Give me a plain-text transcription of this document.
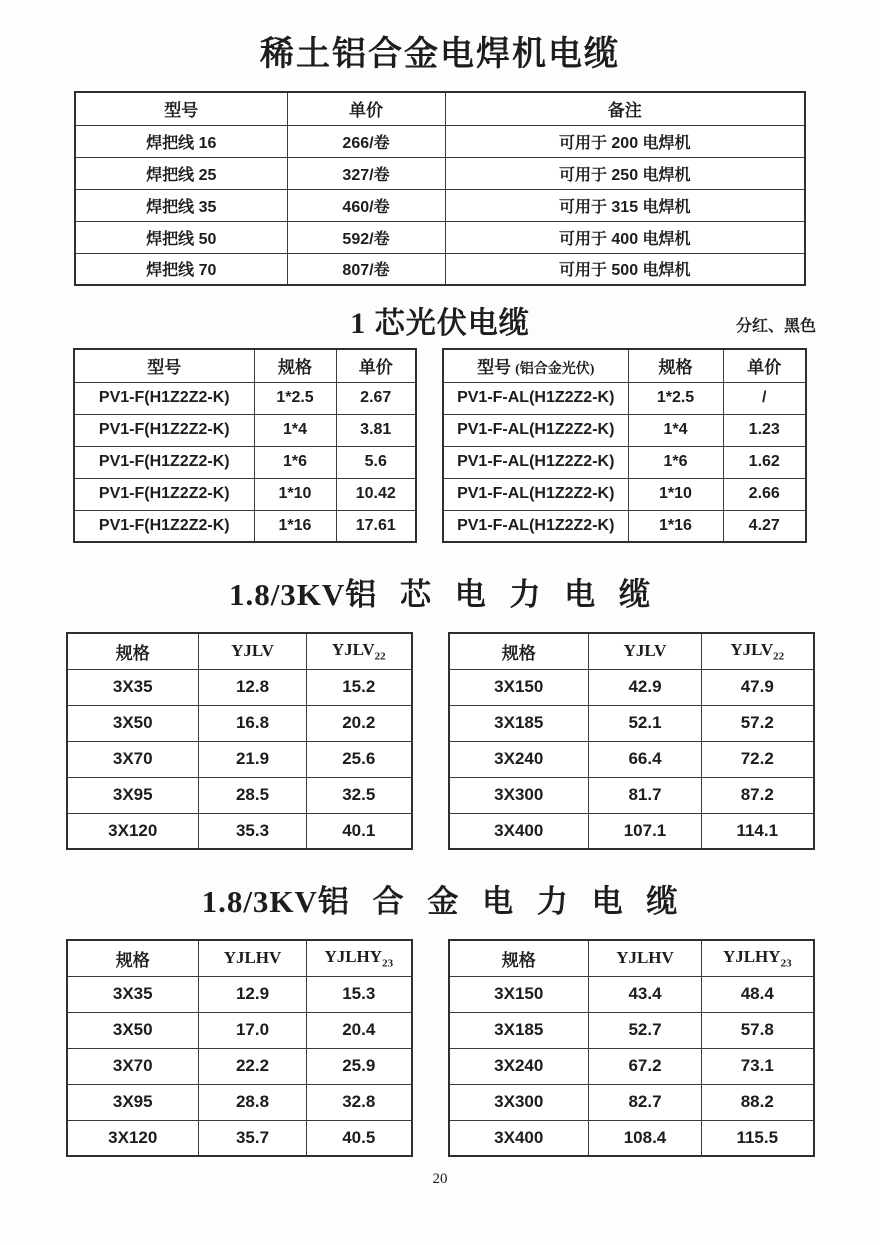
稀土铝合金电焊机电缆
型号	单价	备注
焊把线 16	266/卷	可用于 200 电焊机
焊把线 25	327/卷	可用于 250 电焊机
焊把线 35	460/卷	可用于 315 电焊机
焊把线 50	592/卷	可用于 400 电焊机
焊把线 70	807/卷	可用于 500 电焊机
1 芯光伏电缆	分红、黑色
型号	规格	单价
PV1-F(H1Z2Z2-K)	1*2.5	2.67
PV1-F(H1Z2Z2-K)	1*4	3.81
PV1-F(H1Z2Z2-K)	1*6	5.6
PV1-F(H1Z2Z2-K)	1*10	10.42
PV1-F(H1Z2Z2-K)	1*16	17.61
型号 (铝合金光伏)	规格	单价
PV1-F-AL(H1Z2Z2-K)	1*2.5	/
PV1-F-AL(H1Z2Z2-K)	1*4	1.23
PV1-F-AL(H1Z2Z2-K)	1*6	1.62
PV1-F-AL(H1Z2Z2-K)	1*10	2.66
PV1-F-AL(H1Z2Z2-K)	1*16	4.27
1.8/3KV铝 芯 电 力 电 缆
规格	YJLV	$YJLV_{22}$
3X35	12.8	15.2
3X50	16.8	20.2
3X70	21.9	25.6
3X95	28.5	32.5
3X120	35.3	40.1
规格	YJLV	$YJLV_{22}$
3X150	42.9	47.9
3X185	52.1	57.2
3X240	66.4	72.2
3X300	81.7	87.2
3X400	107.1	114.1
1.8/3KV铝 合 金 电 力 电 缆
规格	YJLHV	$YJLHY_{23}$
3X35	12.9	15.3
3X50	17.0	20.4
3X70	22.2	25.9
3X95	28.8	32.8
3X120	35.7	40.5
规格	YJLHV	$YJLHY_{23}$
3X150	43.4	48.4
3X185	52.7	57.8
3X240	67.2	73.1
3X300	82.7	88.2
3X400	108.4	115.5
20
